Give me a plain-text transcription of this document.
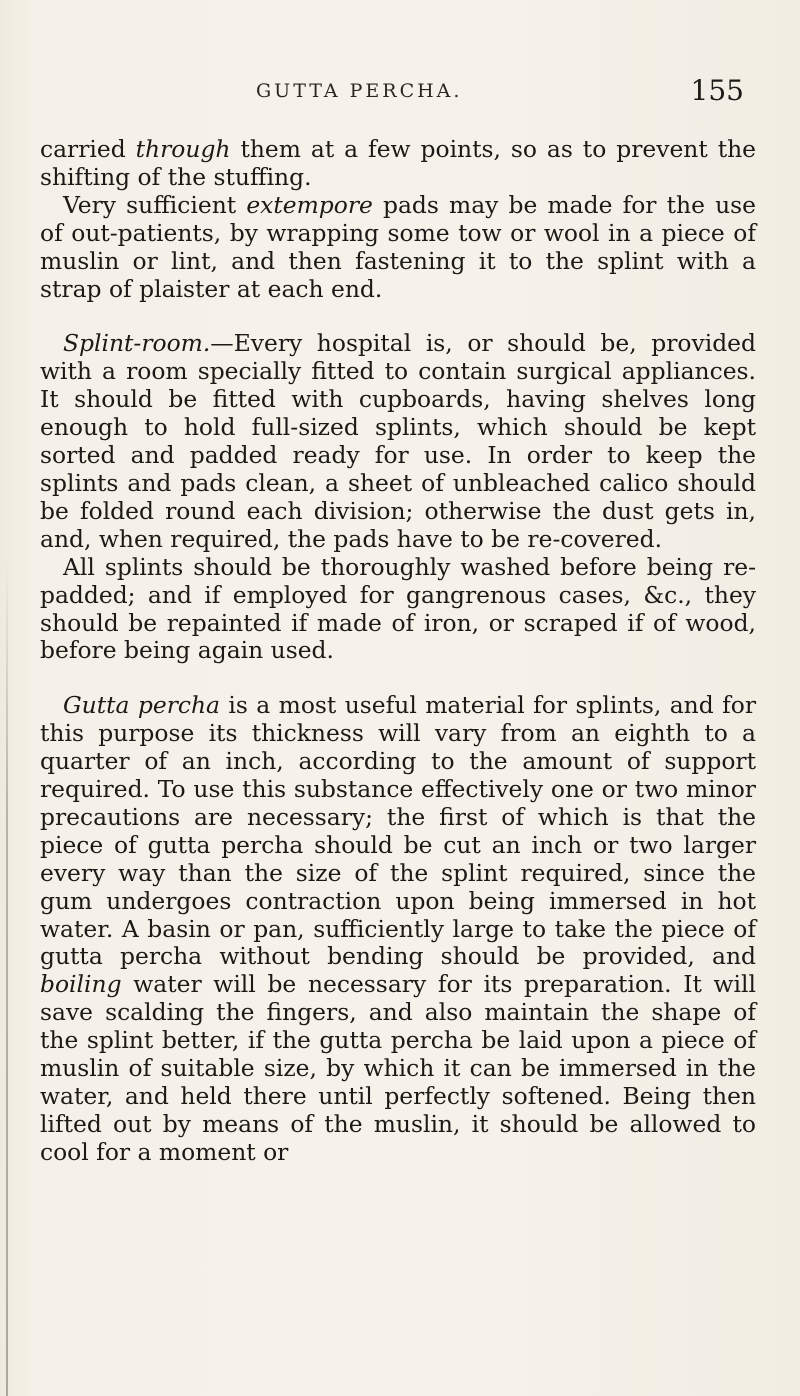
GUTTA PERCHA.	155

carried through them at a few points, so as to prevent the shifting of the stuffing.

Very sufficient extempore pads may be made for the use of out-patients, by wrapping some tow or wool in a piece of muslin or lint, and then fastening it to the splint with a strap of plaister at each end.

Splint-room.—Every hospital is, or should be, provided with a room specially fitted to contain surgical appliances. It should be fitted with cupboards, having shelves long enough to hold full-sized splints, which should be kept sorted and padded ready for use. In order to keep the splints and pads clean, a sheet of unbleached calico should be folded round each division; otherwise the dust gets in, and, when required, the pads have to be re-covered.

All splints should be thoroughly washed before being re-padded; and if employed for gangrenous cases, &c., they should be repainted if made of iron, or scraped if of wood, before being again used.

Gutta percha is a most useful material for splints, and for this purpose its thickness will vary from an eighth to a quarter of an inch, according to the amount of support required. To use this substance effectively one or two minor precautions are necessary; the first of which is that the piece of gutta percha should be cut an inch or two larger every way than the size of the splint required, since the gum undergoes contraction upon being immersed in hot water. A basin or pan, sufficiently large to take the piece of gutta percha without bending should be provided, and boiling water will be necessary for its preparation. It will save scalding the fingers, and also maintain the shape of the splint better, if the gutta percha be laid upon a piece of muslin of suitable size, by which it can be immersed in the water, and held there until perfectly softened. Being then lifted out by means of the muslin, it should be allowed to cool for a moment or
